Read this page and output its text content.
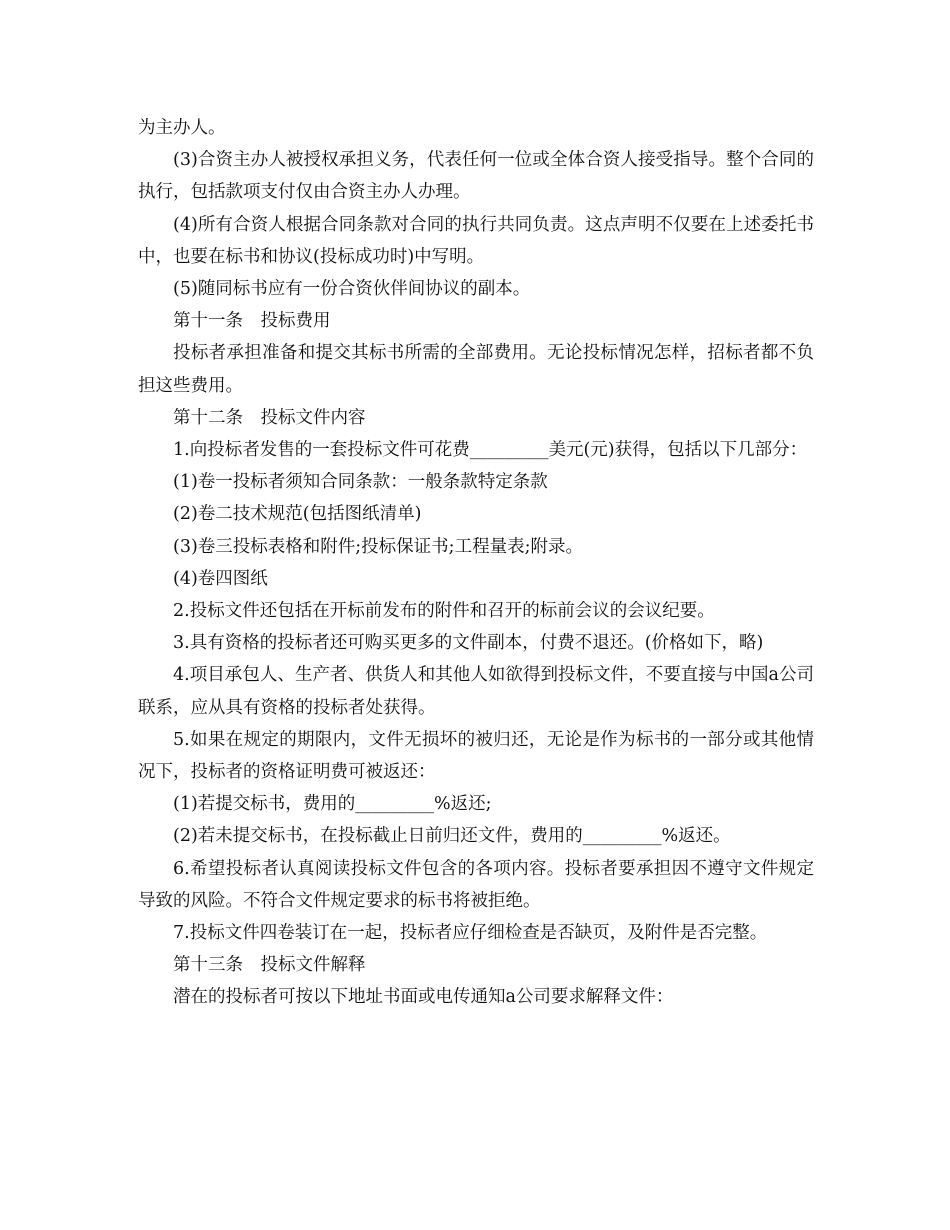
为主办人。

(3)合资主办人被授权承担义务，代表任何一位或全体合资人接受指导。整个合同的执行，包括款项支付仅由合资主办人办理。

(4)所有合资人根据合同条款对合同的执行共同负责。这点声明不仅要在上述委托书中，也要在标书和协议(投标成功时)中写明。

(5)随同标书应有一份合资伙伴间协议的副本。

第十一条　投标费用

投标者承担准备和提交其标书所需的全部费用。无论投标情况怎样，招标者都不负担这些费用。

第十二条　投标文件内容

1.向投标者发售的一套投标文件可花费_________美元(元)获得，包括以下几部分：

(1)卷一投标者须知合同条款：一般条款特定条款

(2)卷二技术规范(包括图纸清单)

(3)卷三投标表格和附件;投标保证书;工程量表;附录。

(4)卷四图纸

2.投标文件还包括在开标前发布的附件和召开的标前会议的会议纪要。

3.具有资格的投标者还可购买更多的文件副本，付费不退还。(价格如下，略)

4.项目承包人、生产者、供货人和其他人如欲得到投标文件，不要直接与中国a公司联系，应从具有资格的投标者处获得。

5.如果在规定的期限内，文件无损坏的被归还，无论是作为标书的一部分或其他情况下，投标者的资格证明费可被返还：

(1)若提交标书，费用的_________%返还;

(2)若未提交标书，在投标截止日前归还文件，费用的_________%返还。

6.希望投标者认真阅读投标文件包含的各项内容。投标者要承担因不遵守文件规定导致的风险。不符合文件规定要求的标书将被拒绝。

7.投标文件四卷装订在一起，投标者应仔细检查是否缺页，及附件是否完整。

第十三条　投标文件解释

潜在的投标者可按以下地址书面或电传通知a公司要求解释文件：
